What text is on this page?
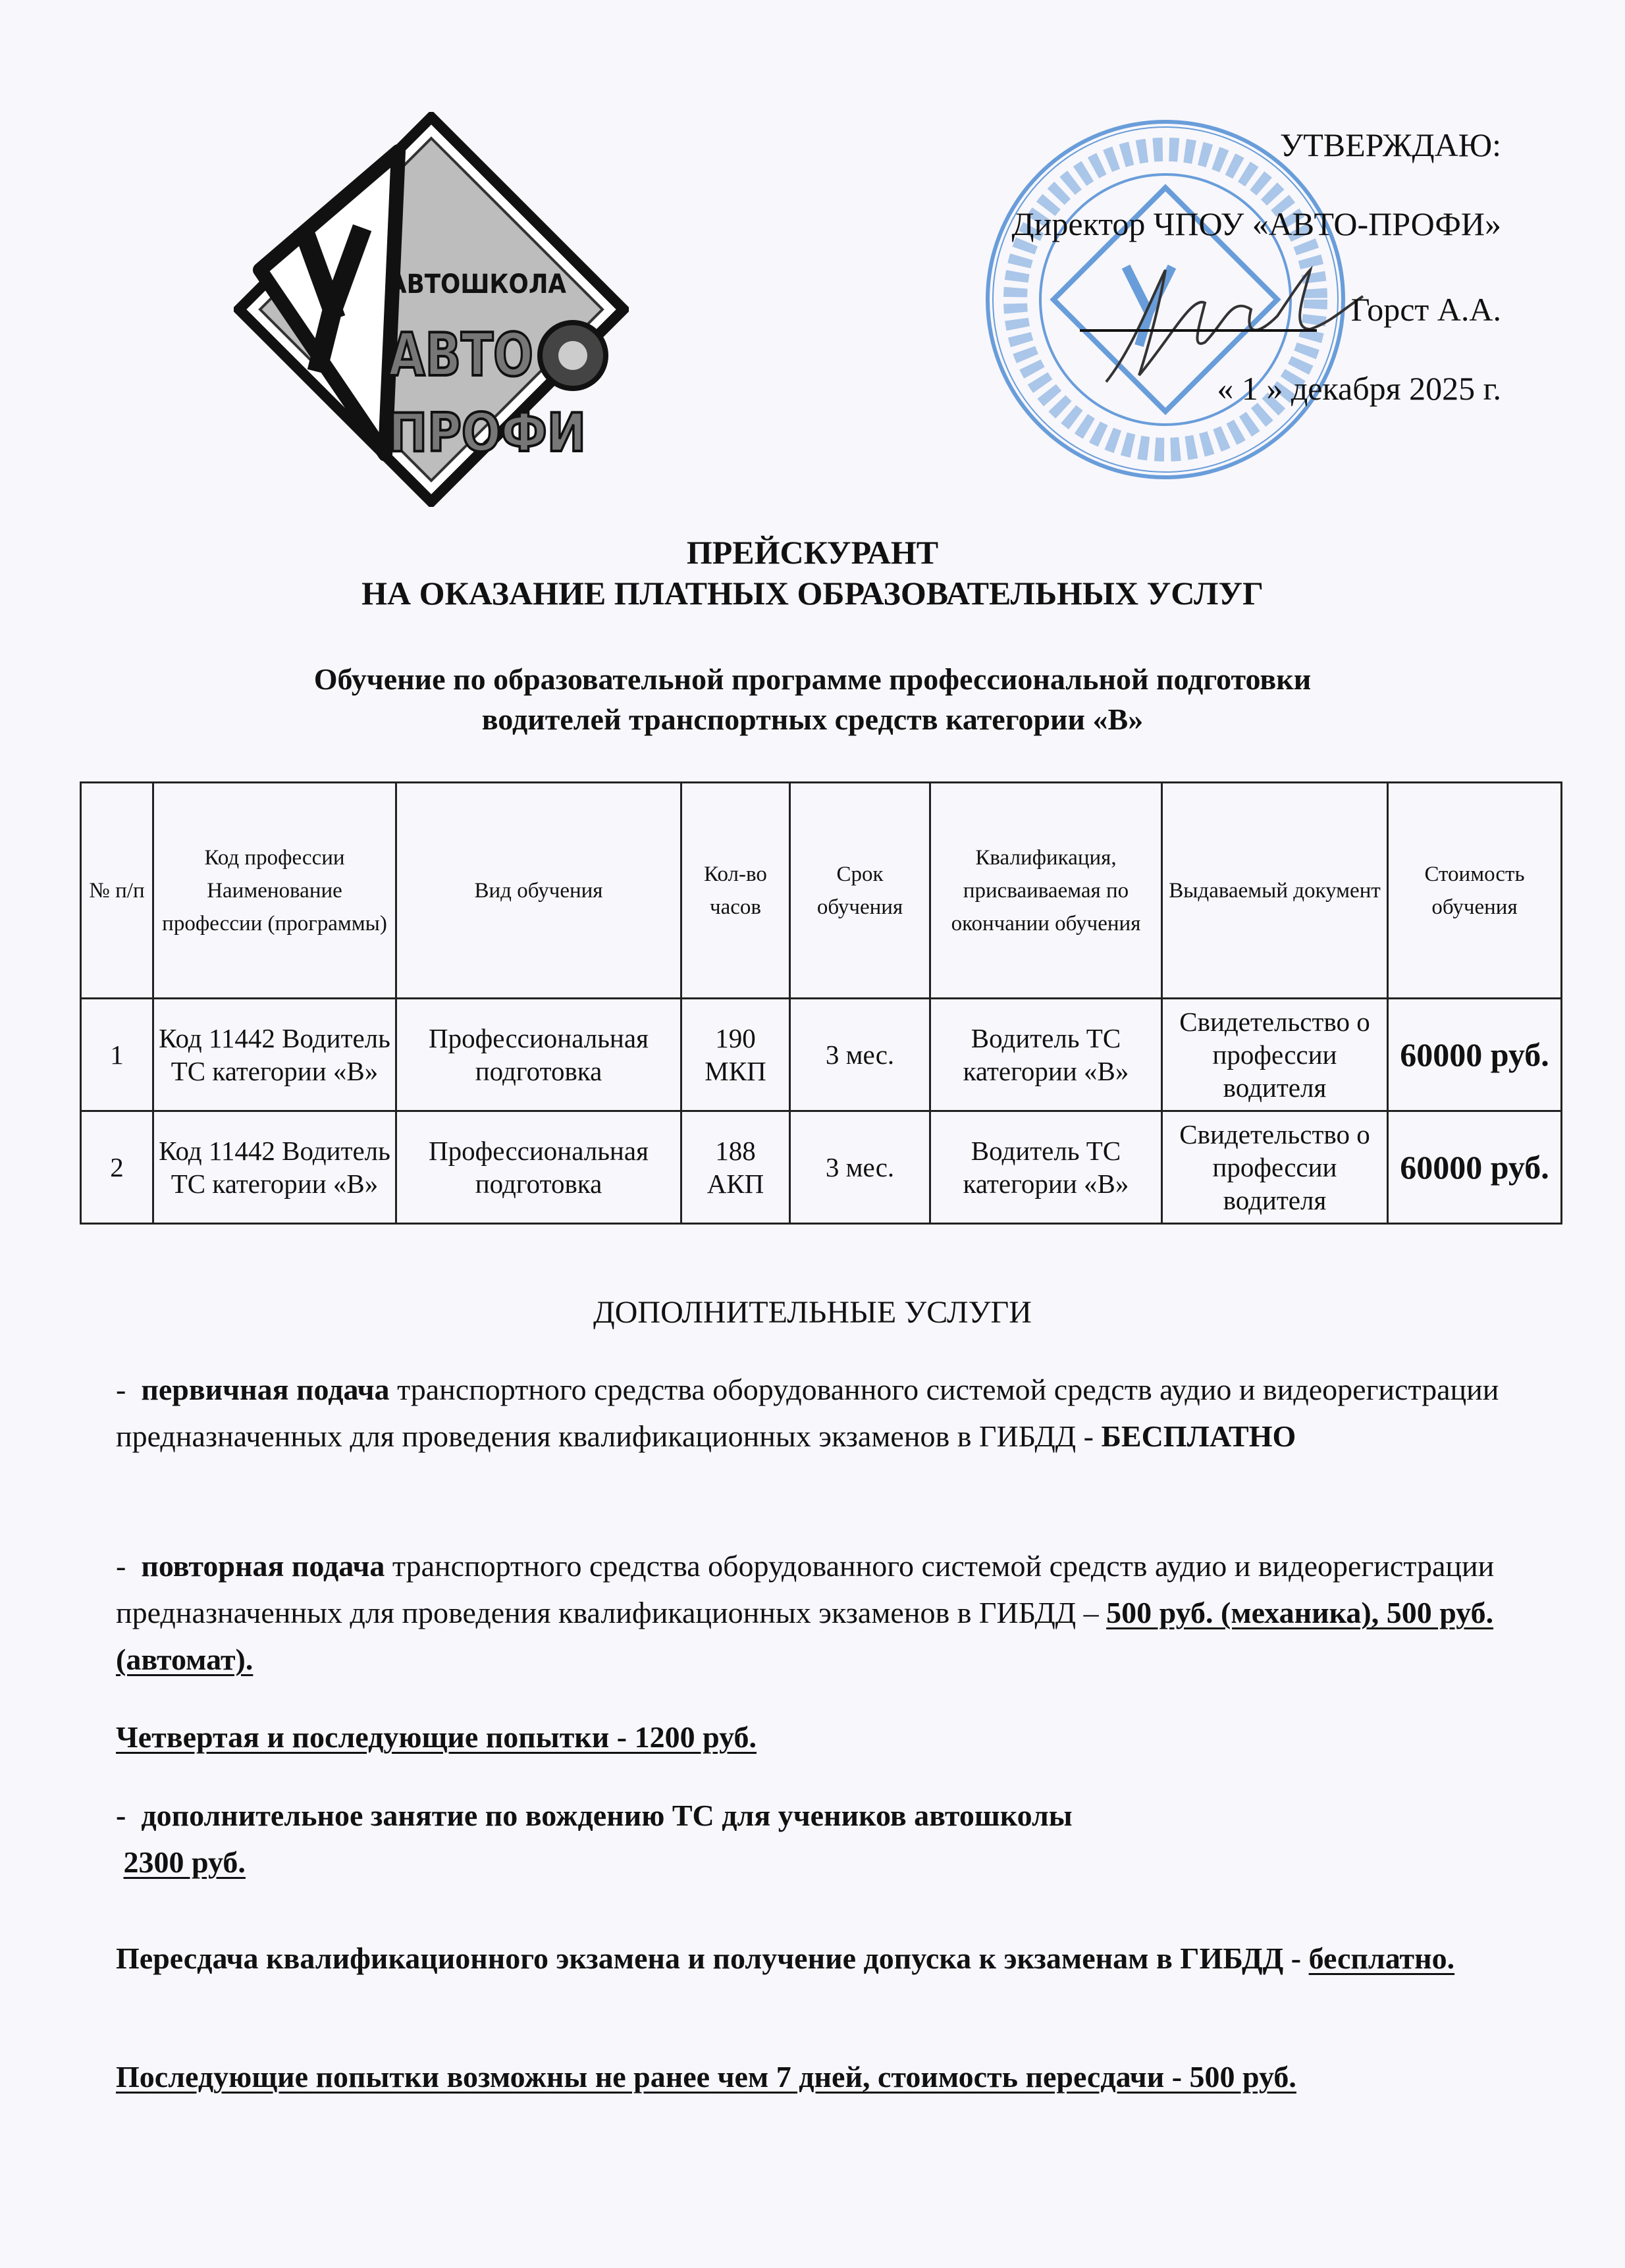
АВТОШКОЛА
АВТО
ПРОФИ
УТВЕРЖДАЮ:
Директор ЧПОУ «АВТО-ПРОФИ»
Горст А.А.
« 1 » декабря 2025 г.
ПРЕЙСКУРАНТ
НА ОКАЗАНИЕ ПЛАТНЫХ ОБРАЗОВАТЕЛЬНЫХ УСЛУГ
Обучение по образовательной программе профессиональной подготовки
водителей транспортных средств категории «В»
№ п/п	Код профессии Наименование профессии (программы)	Вид обучения	Кол-во часов	Срок обучения	Квалификация, присваиваемая по окончании обучения	Выдаваемый документ	Стоимость обучения
1	Код 11442 Водитель ТС категории «В»	Профессиональная подготовка	190 МКП	3 мес.	Водитель ТС категории «В»	Свидетельство о профессии водителя	60000 руб.
2	Код 11442 Водитель ТС категории «В»	Профессиональная подготовка	188 АКП	3 мес.	Водитель ТС категории «В»	Свидетельство о профессии водителя	60000 руб.
ДОПОЛНИТЕЛЬНЫЕ УСЛУГИ
-  первичная подача транспортного средства оборудованного системой средств аудио и видеорегистрации предназначенных для проведения квалификационных экзаменов в ГИБДД - БЕСПЛАТНО
-  повторная подача транспортного средства оборудованного системой средств аудио и видеорегистрации предназначенных для проведения квалификационных экзаменов в ГИБДД – 500 руб. (механика), 500 руб. (автомат).
Четвертая и последующие попытки - 1200 руб.
-  дополнительное занятие по вождению ТС для учеников автошколы
2300 руб.
Пересдача квалификационного экзамена и получение допуска к экзаменам в ГИБДД - бесплатно.
Последующие попытки возможны не ранее чем 7 дней, стоимость пересдачи - 500 руб.
